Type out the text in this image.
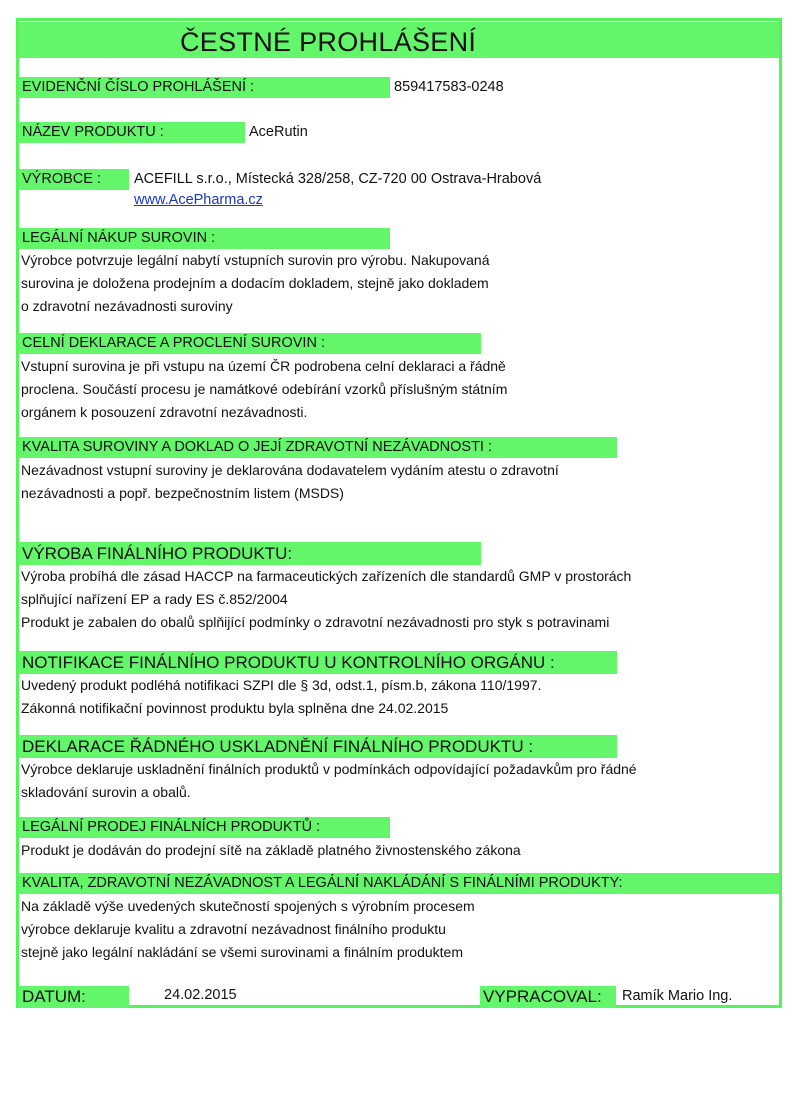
ČESTNÉ PROHLÁŠENÍ
EVIDENČNÍ ČÍSLO PROHLÁŠENÍ :	859417583-0248
NÁZEV PRODUKTU :	AceRutin
VÝROBCE :	ACEFILL s.r.o., Místecká 328/258, CZ-720 00 Ostrava-Hrabová
www.AcePharma.cz
LEGÁLNÍ NÁKUP SUROVIN :
Výrobce potvrzuje legální nabytí vstupních surovin pro výrobu. Nakupovaná
surovina je doložena prodejním a dodacím dokladem, stejně jako dokladem
o zdravotní nezávadnosti suroviny
CELNÍ DEKLARACE A PROCLENÍ SUROVIN :
Vstupní surovina je při vstupu na území ČR podrobena celní deklaraci a řádně
proclena. Součástí procesu je namátkové odebírání vzorků příslušným státním
orgánem k posouzení zdravotní nezávadnosti.
KVALITA SUROVINY A DOKLAD O JEJÍ ZDRAVOTNÍ NEZÁVADNOSTI :
Nezávadnost vstupní suroviny je deklarována dodavatelem vydáním atestu o zdravotní
nezávadnosti a popř. bezpečnostním listem (MSDS)
VÝROBA FINÁLNÍHO PRODUKTU:
Výroba probíhá dle zásad HACCP na farmaceutických zařízeních dle standardů GMP v prostorách
splňující nařízení EP a rady ES č.852/2004
Produkt je zabalen do obalů splňijící podmínky o zdravotní nezávadnosti pro styk s potravinami
NOTIFIKACE FINÁLNÍHO PRODUKTU U KONTROLNÍHO ORGÁNU :
Uvedený produkt podléhá notifikaci SZPI dle § 3d, odst.1, písm.b, zákona 110/1997.
Zákonná notifikační povinnost produktu byla splněna dne 24.02.2015
DEKLARACE ŘÁDNÉHO USKLADNĚNÍ FINÁLNÍHO PRODUKTU :
Výrobce deklaruje uskladnění finálních produktů v podmínkách odpovídající požadavkům pro řádné
skladování surovin a obalů.
LEGÁLNÍ PRODEJ FINÁLNÍCH PRODUKTŮ :
Produkt je dodáván do prodejní sítě na základě platného živnostenského zákona
KVALITA, ZDRAVOTNÍ NEZÁVADNOST A LEGÁLNÍ NAKLÁDÁNÍ S FINÁLNÍMI PRODUKTY:
Na základě výše uvedených skutečností spojených s výrobním procesem
výrobce deklaruje kvalitu a zdravotní nezávadnost finálního produktu
stejně jako legální nakládání se všemi surovinami a finálním produktem
DATUM:	24.02.2015	VYPRACOVAL:	Ramík Mario Ing.
